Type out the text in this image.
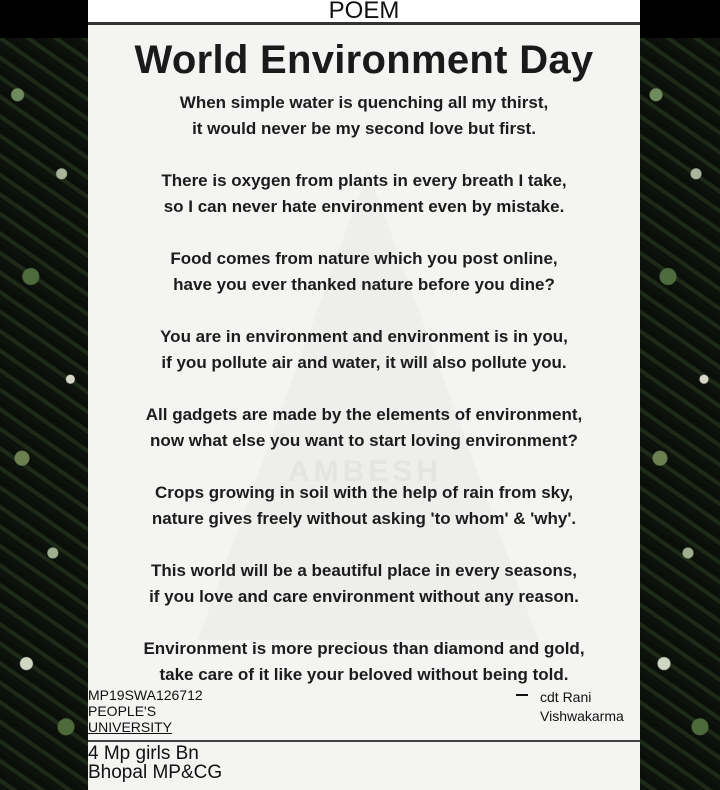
POEM
AMBESH
World Environment Day
When simple water is quenching all my thirst,
it would never be my second love but first.
There is oxygen from plants in every breath I take,
so I can never hate environment even by mistake.
Food comes from nature which you post online,
have you ever thanked nature before you dine?
You are in environment and environment is in you,
if you pollute air and water, it will also pollute you.
All gadgets are made by the elements of environment,
now what else you want to start loving environment?
Crops growing in soil with the help of rain from sky,
nature gives freely without asking 'to whom' & 'why'.
This world will be a beautiful place in every seasons,
if you love and care environment without any reason.
Environment is more precious than diamond and gold,
take care of it like your beloved without being told.
MP19SWA126712
PEOPLE'S
UNIVERSITY
cdt Rani
Vishwakarma
4 Mp girls Bn
Bhopal MP&CG
